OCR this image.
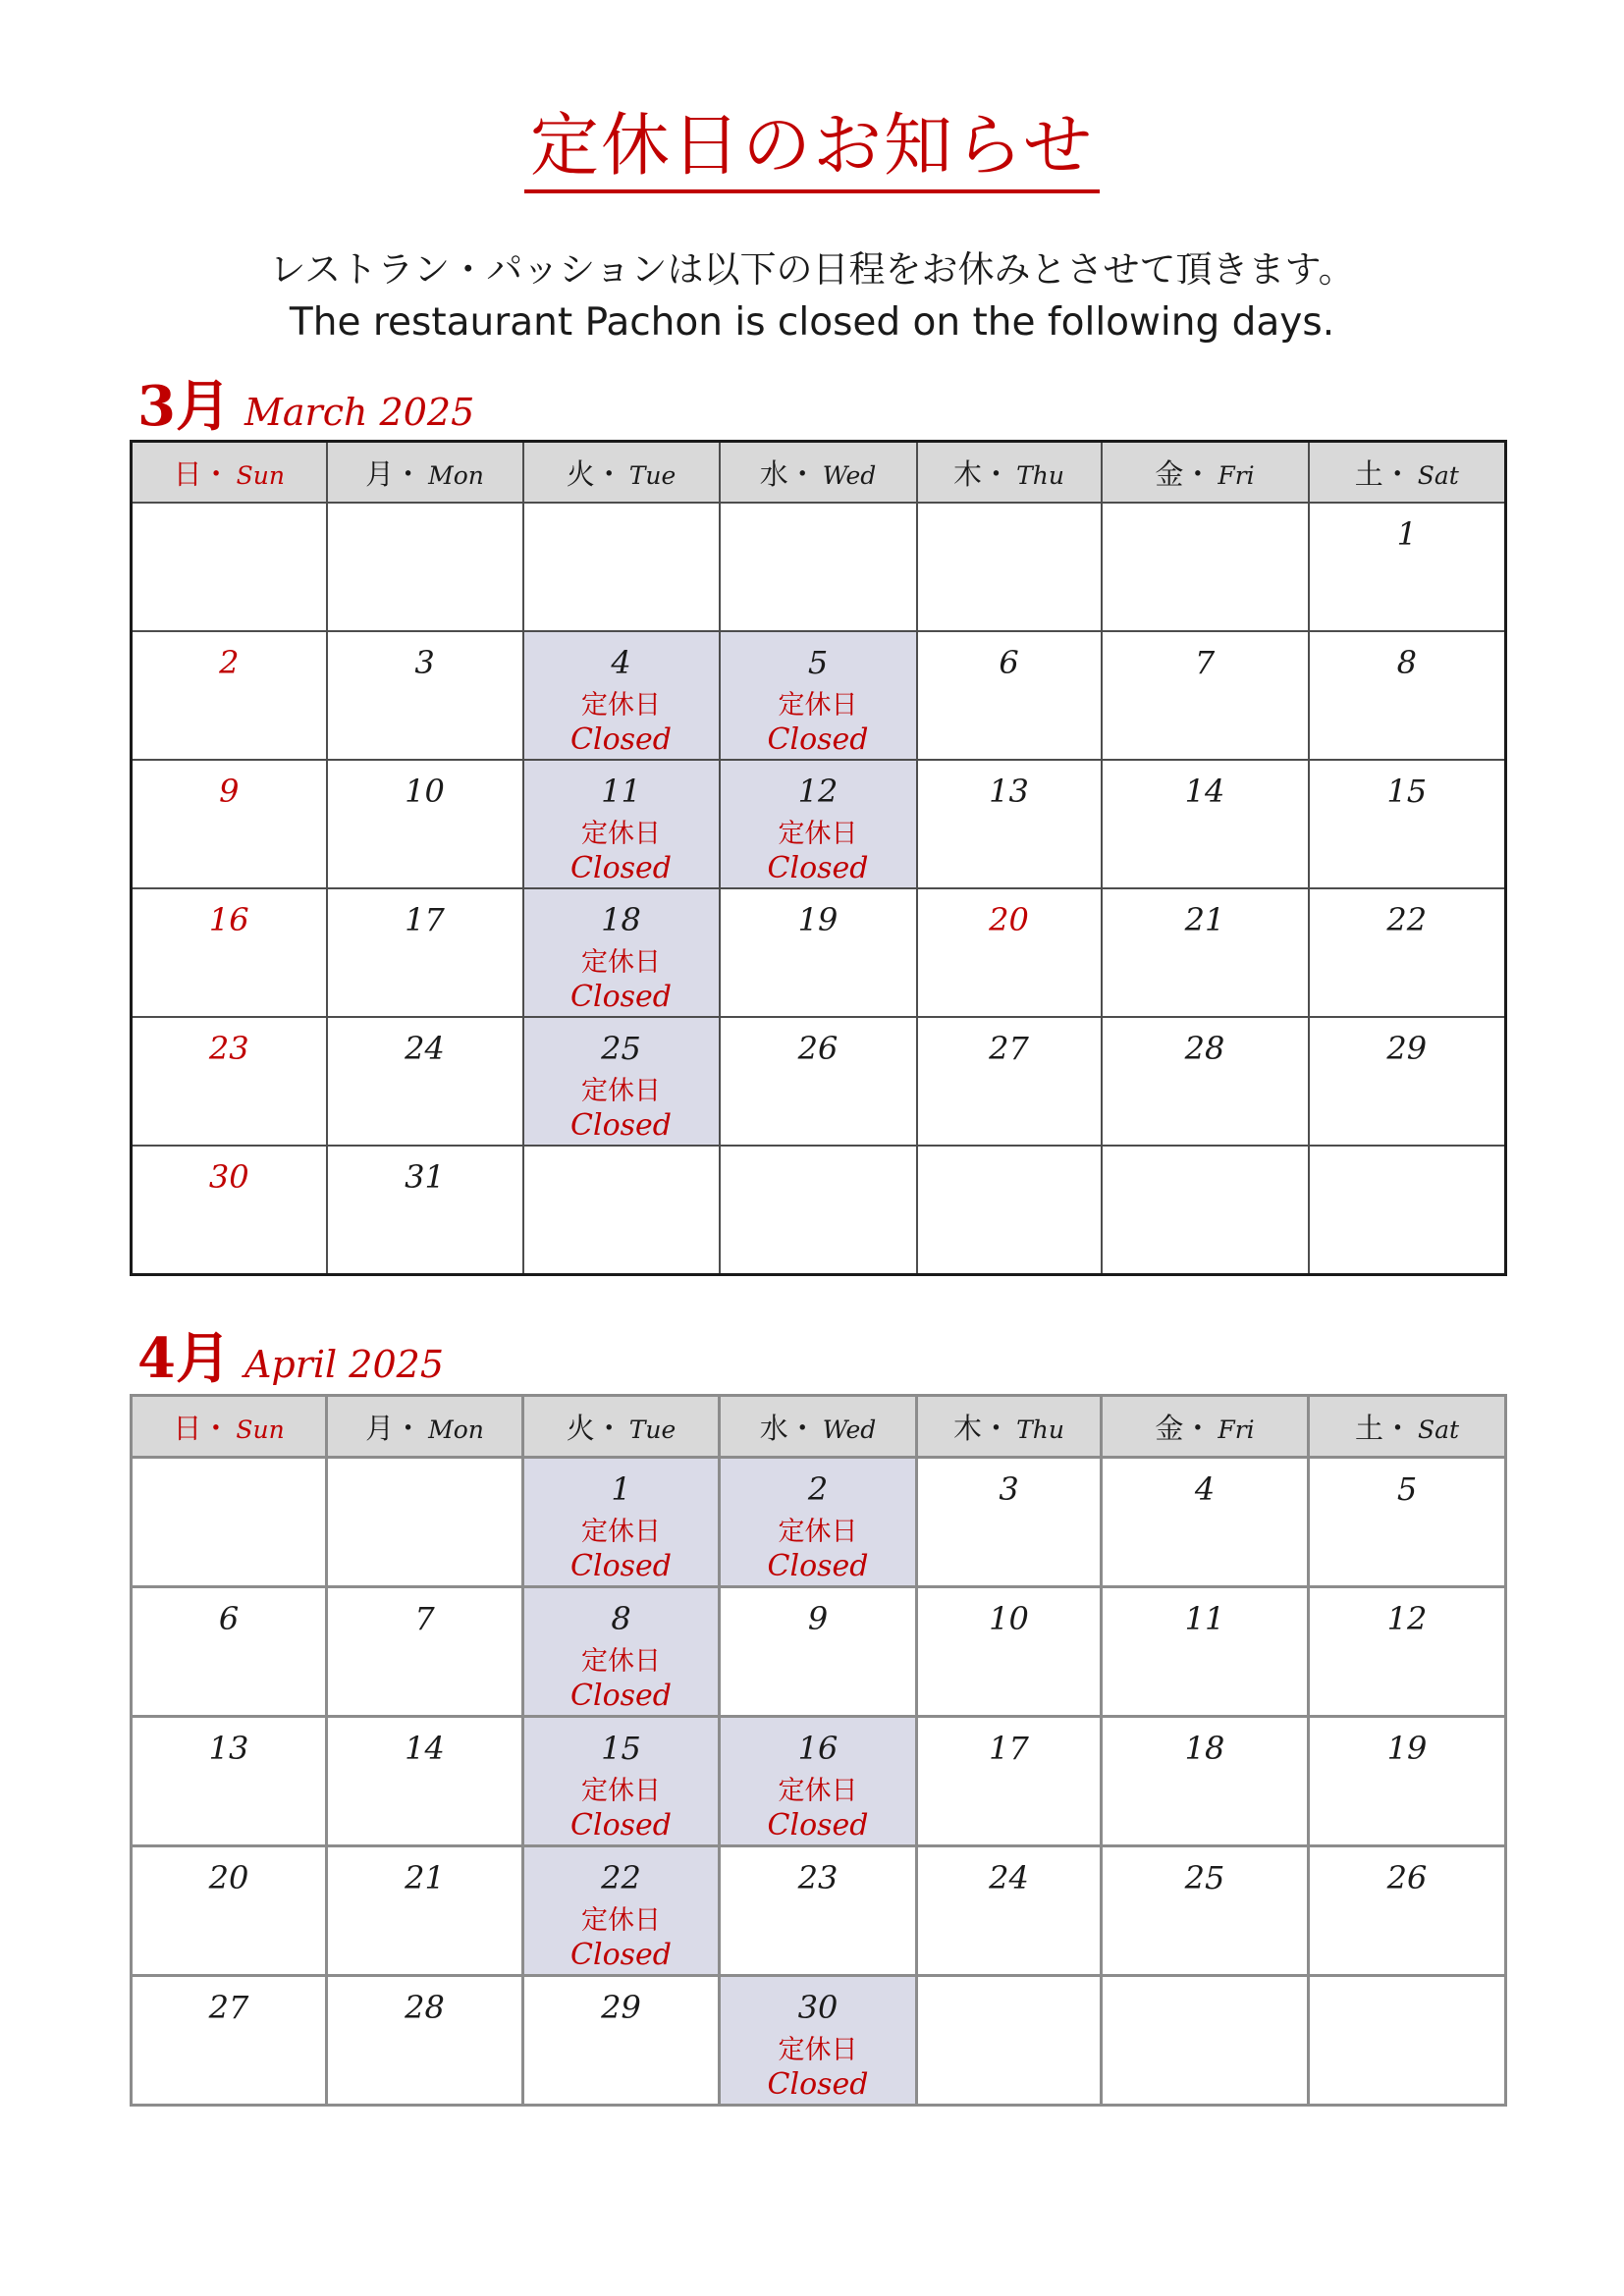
定休日のお知らせ
レストラン・パッションは以下の日程をお休みとさせて頂きます。
The restaurant Pachon is closed on the following days.
3月 March 2025
日・ Sun	月・ Mon	火・ Tue	水・ Wed	木・ Thu	金・ Fri	土・ Sat

						1

2	3	4
定休日
Closed	5
定休日
Closed	6	7	8

9	10	11
定休日
Closed	12
定休日
Closed	13	14	15

16	17	18
定休日
Closed	19	20	21	22

23	24	25
定休日
Closed	26	27	28	29

30	31					

4月 April 2025
日・ Sun	月・ Mon	火・ Tue	水・ Wed	木・ Thu	金・ Fri	土・ Sat

		1
定休日
Closed	2
定休日
Closed	3	4	5

6	7	8
定休日
Closed	9	10	11	12

13	14	15
定休日
Closed	16
定休日
Closed	17	18	19

20	21	22
定休日
Closed	23	24	25	26

27	28	29	30
定休日
Closed			
